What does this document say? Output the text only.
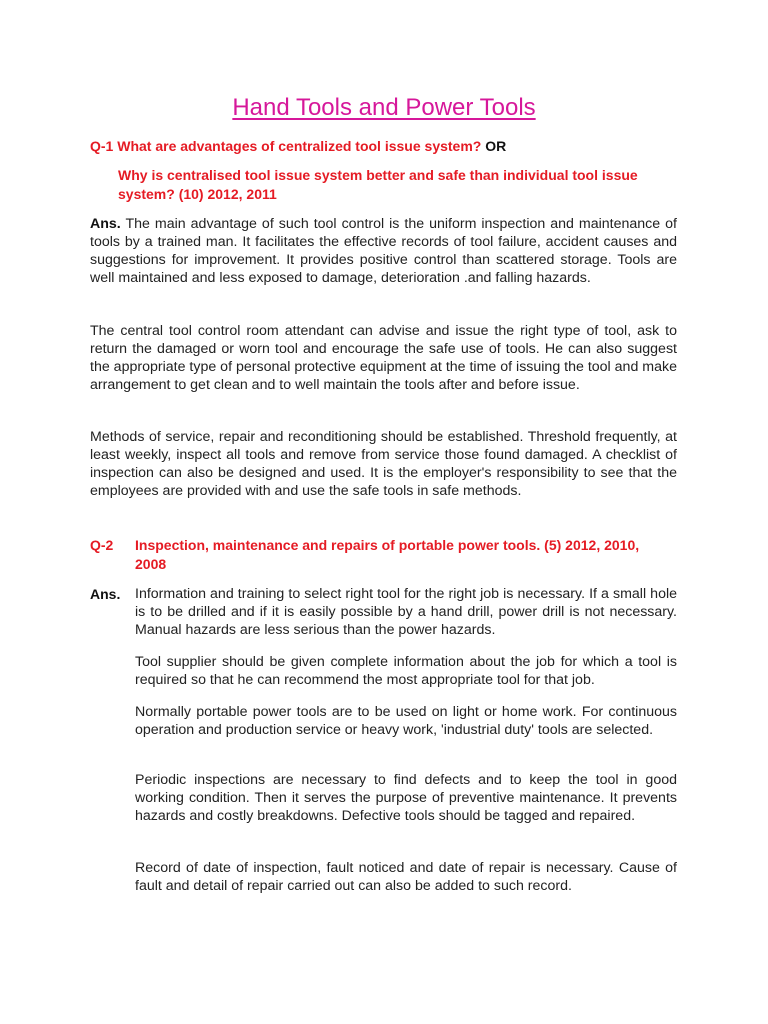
Hand Tools and Power Tools
Q-1 What are advantages of centralized tool issue system? OR
Why is centralised tool issue system better and safe than individual tool issue system? (10) 2012, 2011
Ans. The main advantage of such tool control is the uniform inspection and maintenance of tools by a trained man. It facilitates the effective records of tool failure, accident causes and suggestions for improvement. It provides positive control than scattered storage. Tools are well maintained and less exposed to damage, deterioration .and falling hazards.
The central tool control room attendant can advise and issue the right type of tool, ask to return the damaged or worn tool and encourage the safe use of tools. He can also suggest the appropriate type of personal protective equipment at the time of issuing the tool and make arrangement to get clean and to well maintain the tools after and before issue.
Methods of service, repair and reconditioning should be established. Threshold frequently, at least weekly, inspect all tools and remove from service those found damaged. A checklist of inspection can also be designed and used. It is the employer's responsibility to see that the employees are provided with and use the safe tools in safe methods.
Q-2 Inspection, maintenance and repairs of portable power tools. (5) 2012, 2010, 2008
Ans. Information and training to select right tool for the right job is necessary. If a small hole is to be drilled and if it is easily possible by a hand drill, power drill is not necessary. Manual hazards are less serious than the power hazards.
Tool supplier should be given complete information about the job for which a tool is required so that he can recommend the most appropriate tool for that job.
Normally portable power tools are to be used on light or home work. For continuous operation and production service or heavy work, 'industrial duty' tools are selected.
Periodic inspections are necessary to find defects and to keep the tool in good working condition. Then it serves the purpose of preventive maintenance. It prevents hazards and costly breakdowns. Defective tools should be tagged and repaired.
Record of date of inspection, fault noticed and date of repair is necessary. Cause of fault and detail of repair carried out can also be added to such record.
